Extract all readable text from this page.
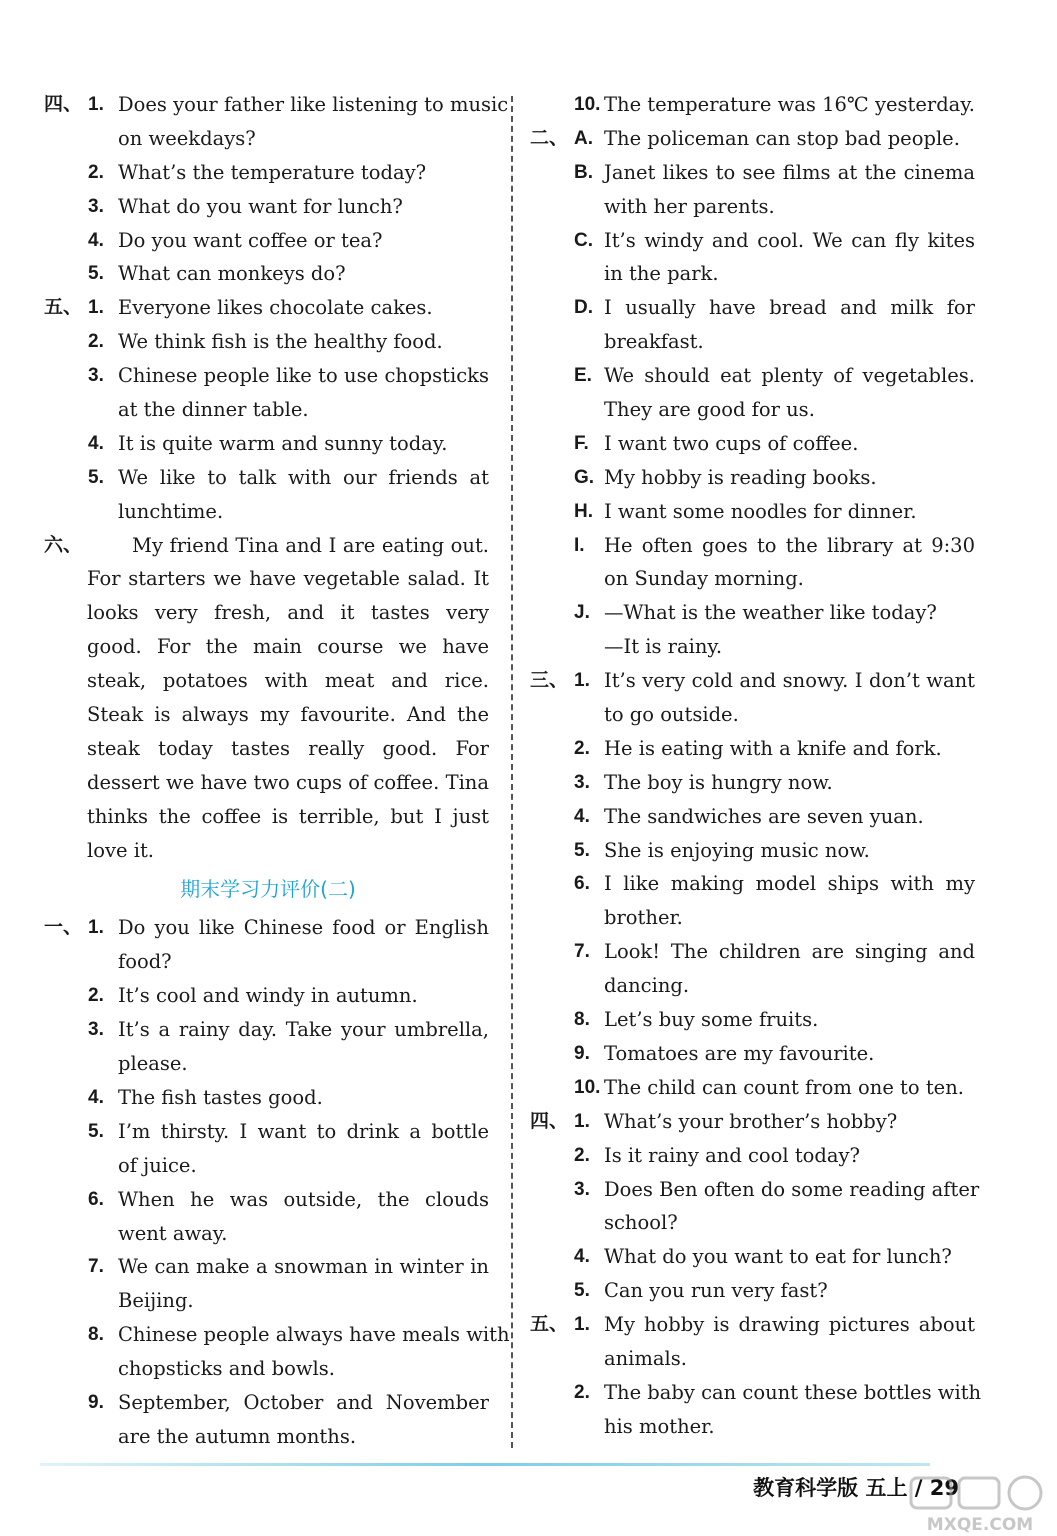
四、 1. Does your father like listening to music
on weekdays?
2. What’s the temperature today?
3. What do you want for lunch?
4. Do you want coffee or tea?
5. What can monkeys do?
五、 1. Everyone likes chocolate cakes.
2. We think fish is the healthy food.
3. Chinese people like to use chopsticks
at the dinner table.
4. It is quite warm and sunny today.
5. We like to talk with our friends at
lunchtime.
六、	My friend Tina and I are eating out.
For starters we have vegetable salad. It
looks very fresh, and it tastes very
good. For the main course we have
steak, potatoes with meat and rice.
Steak is always my favourite. And the
steak today tastes really good. For
dessert we have two cups of coffee. Tina
thinks the coffee is terrible, but I just
love it.
期末学习力评价(二)
一、 1. Do you like Chinese food or English
food?
2. It’s cool and windy in autumn.
3. It’s a rainy day. Take your umbrella,
please.
4. The fish tastes good.
5. I’m thirsty. I want to drink a bottle
of juice.
6. When he was outside, the clouds
went away.
7. We can make a snowman in winter in
Beijing.
8. Chinese people always have meals with
chopsticks and bowls.
9. September, October and November
are the autumn months.
10. The temperature was 16℃ yesterday.
二、 A. The policeman can stop bad people.
B. Janet likes to see films at the cinema
with her parents.
C. It’s windy and cool. We can fly kites
in the park.
D. I usually have bread and milk for
breakfast.
E. We should eat plenty of vegetables.
They are good for us.
F. I want two cups of coffee.
G. My hobby is reading books.
H. I want some noodles for dinner.
I. He often goes to the library at 9:30
on Sunday morning.
J. —What is the weather like today?
—It is rainy.
三、 1. It’s very cold and snowy. I don’t want
to go outside.
2. He is eating with a knife and fork.
3. The boy is hungry now.
4. The sandwiches are seven yuan.
5. She is enjoying music now.
6. I like making model ships with my
brother.
7. Look! The children are singing and
dancing.
8. Let’s buy some fruits.
9. Tomatoes are my favourite.
10. The child can count from one to ten.
四、 1. What’s your brother’s hobby?
2. Is it rainy and cool today?
3. Does Ben often do some reading after
school?
4. What do you want to eat for lunch?
5. Can you run very fast?
五、 1. My hobby is drawing pictures about
animals.
2. The baby can count these bottles with
his mother.
教育科学版 五上 / 29
MXQE.COM
